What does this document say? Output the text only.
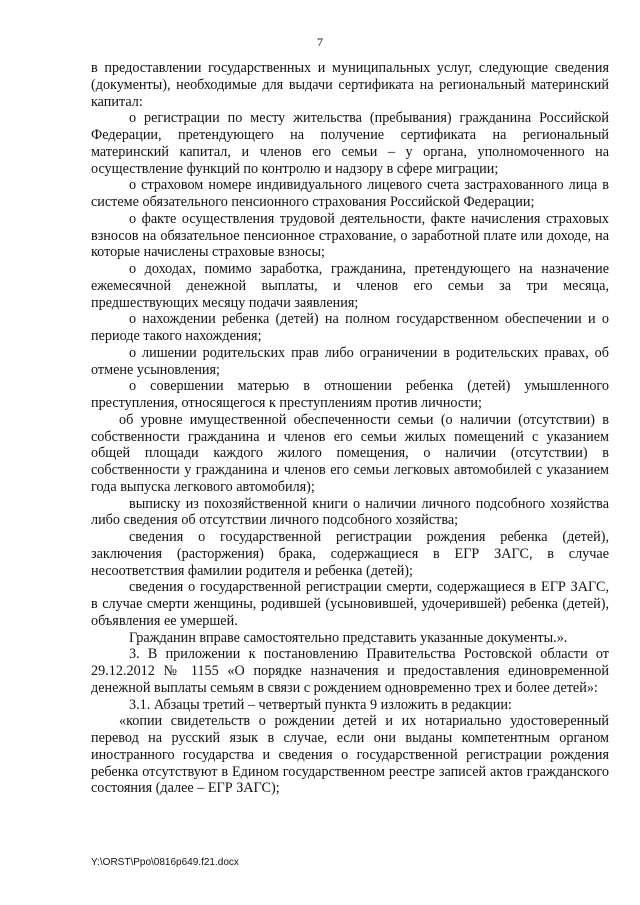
7

в предоставлении государственных и муниципальных услуг, следующие сведения (документы), необходимые для выдачи сертификата на региональный материнский капитал:

о регистрации по месту жительства (пребывания) гражданина Российской Федерации, претендующего на получение сертификата на региональный материнский капитал, и членов его семьи – у органа, уполномоченного на осуществление функций по контролю и надзору в сфере миграции;

о страховом номере индивидуального лицевого счета застрахованного лица в системе обязательного пенсионного страхования Российской Федерации;

о факте осуществления трудовой деятельности, факте начисления страховых взносов на обязательное пенсионное страхование, о заработной плате или доходе, на которые начислены страховые взносы;

о доходах, помимо заработка, гражданина, претендующего на назначение ежемесячной денежной выплаты, и членов его семьи за три месяца, предшествующих месяцу подачи заявления;

о нахождении ребенка (детей) на полном государственном обеспечении и о периоде такого нахождения;

о лишении родительских прав либо ограничении в родительских правах, об отмене усыновления;

о совершении матерью в отношении ребенка (детей) умышленного преступления, относящегося к преступлениям против личности;

об уровне имущественной обеспеченности семьи (о наличии (отсутствии) в собственности гражданина и членов его семьи жилых помещений с указанием общей площади каждого жилого помещения, о наличии (отсутствии) в собственности у гражданина и членов его семьи легковых автомобилей с указанием года выпуска легкового автомобиля);

выписку из похозяйственной книги о наличии личного подсобного хозяйства либо сведения об отсутствии личного подсобного хозяйства;

сведения о государственной регистрации рождения ребенка (детей), заключения (расторжения) брака, содержащиеся в ЕГР ЗАГС, в случае несоответствия фамилии родителя и ребенка (детей);

сведения о государственной регистрации смерти, содержащиеся в ЕГР ЗАГС, в случае смерти женщины, родившей (усыновившей, удочерившей) ребенка (детей), объявления ее умершей.

Гражданин вправе самостоятельно представить указанные документы.».

3. В приложении к постановлению Правительства Ростовской области от 29.12.2012 № 1155 «О порядке назначения и предоставления единовременной денежной выплаты семьям в связи с рождением одновременно трех и более детей»:

3.1. Абзацы третий – четвертый пункта 9 изложить в редакции:

«копии свидетельств о рождении детей и их нотариально удостоверенный перевод на русский язык в случае, если они выданы компетентным органом иностранного государства и сведения о государственной регистрации рождения ребенка отсутствуют в Едином государственном реестре записей актов гражданского состояния (далее – ЕГР ЗАГС);

Y:\ORST\Ppo\0816p649.f21.docx
